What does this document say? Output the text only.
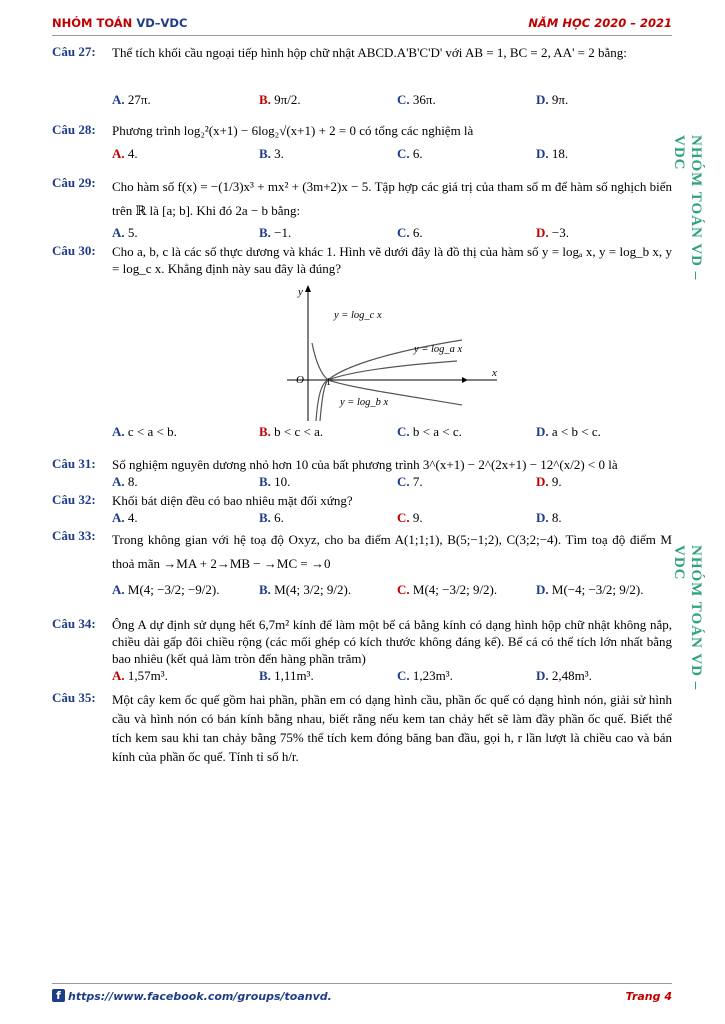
NHÓM TOÁN VD–VDC	NĂM HỌC 2020 – 2021
NHÓM TOÁN VD – VDC
NHÓM TOÁN VD – VDC
Câu 27: Thể tích khối cầu ngoại tiếp hình hộp chữ nhật ABCD.A'B'C'D' với AB = 1, BC = 2, AA' = 2 bằng:
A. 27π.	B. 9π/2.	C. 36π.	D. 9π.
Câu 28: Phương trình log₂²(x+1) − 6log₂√(x+1) + 2 = 0 có tổng các nghiệm là
A. 4.	B. 3.	C. 6.	D. 18.
Câu 29: Cho hàm số f(x) = −(1/3)x³ + mx² + (3m+2)x − 5. Tập hợp các giá trị của tham số m để hàm số nghịch biến trên ℝ là [a; b]. Khi đó 2a − b bằng:
A. 5.	B. −1.	C. 6.	D. −3.
Câu 30: Cho a, b, c là các số thực dương và khác 1. Hình vẽ dưới đây là đồ thị của hàm số y = logₐ x, y = log_b x, y = log_c x. Khẳng định này sau đây là đúng?
A. c < a < b.	B. b < c < a.	C. b < a < c.	D. a < b < c.
y
x
O 1
y = log_c x
y = log_a x
y = log_b x
Câu 31: Số nghiệm nguyên dương nhỏ hơn 10 của bất phương trình 3^(x+1) − 2^(2x+1) − 12^(x/2) < 0 là
A. 8.	B. 10.	C. 7.	D. 9.
Câu 32: Khối bát diện đều có bao nhiêu mặt đối xứng?
A. 4.	B. 6.	C. 9.	D. 8.
Câu 33: Trong không gian với hệ toạ độ Oxyz, cho ba điểm A(1;1;1), B(5;−1;2), C(3;2;−4). Tìm toạ độ điểm M thoả mãn →MA + 2→MB − →MC = →0
A. M(4; −3/2; −9/2).	B. M(4; 3/2; 9/2).	C. M(4; −3/2; 9/2).	D. M(−4; −3/2; 9/2).
Câu 34: Ông A dự định sử dụng hết 6,7m² kính để làm một bể cá bằng kính có dạng hình hộp chữ nhật không nắp, chiều dài gấp đôi chiều rộng (các mối ghép có kích thước không đáng kể). Bể cá có thể tích lớn nhất bằng bao nhiêu (kết quả làm tròn đến hàng phần trăm)
A. 1,57m³.	B. 1,11m³.	C. 1,23m³.	D. 2,48m³.
Câu 35: Một cây kem ốc quế gồm hai phần, phần em có dạng hình cầu, phần ốc quế có dạng hình nón, giải sử hình cầu và hình nón có bán kính bằng nhau, biết rằng nếu kem tan chảy hết sẽ làm đầy phần ốc quế. Biết thể tích kem sau khi tan chảy bằng 75% thể tích kem đóng băng ban đầu, gọi h, r lần lượt là chiều cao và bán kính của phần ốc quế. Tính tỉ số h/r.
f https://www.facebook.com/groups/toanvd.	Trang 4
